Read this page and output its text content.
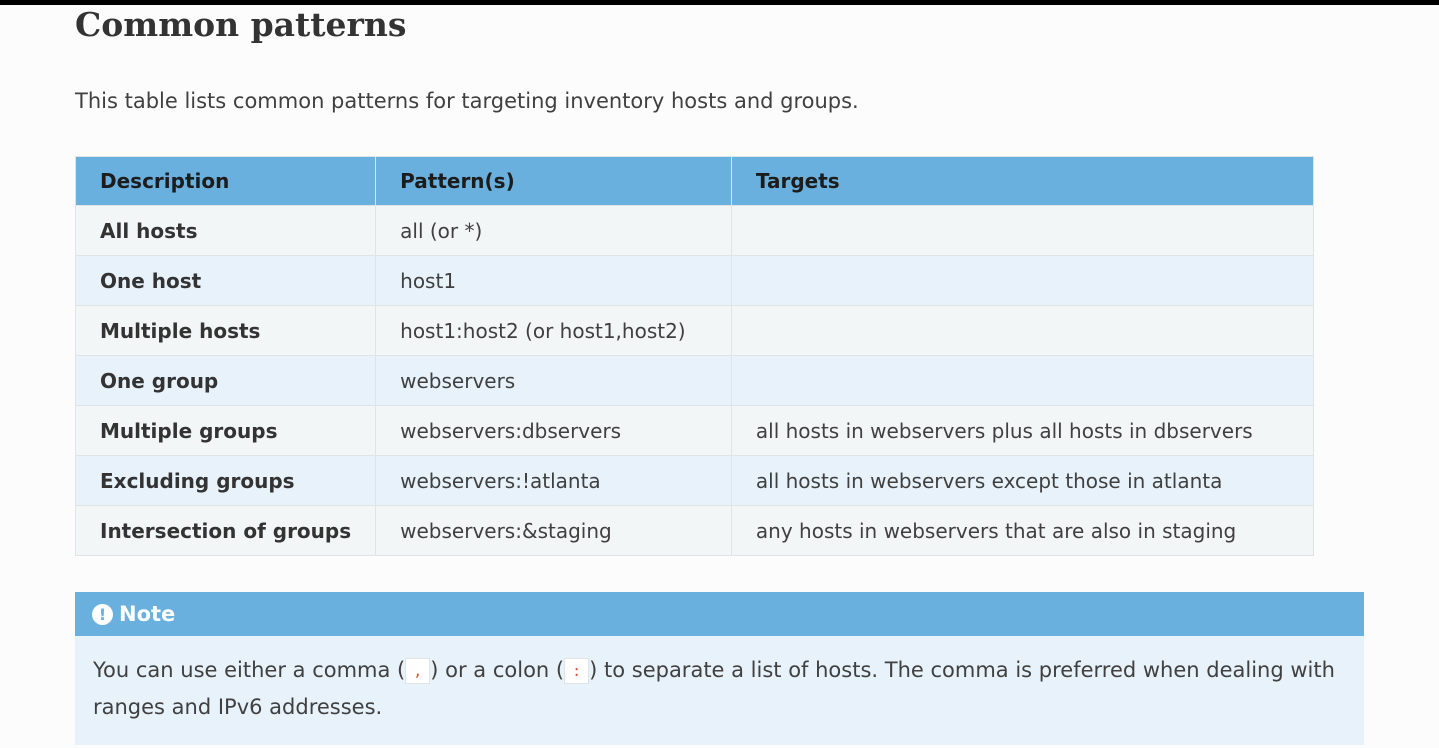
Common patterns

This table lists common patterns for targeting inventory hosts and groups.

Description	Pattern(s)	Targets
All hosts	all (or *)	
One host	host1	
Multiple hosts	host1:host2 (or host1,host2)	
One group	webservers	
Multiple groups	webservers:dbservers	all hosts in webservers plus all hosts in dbservers
Excluding groups	webservers:!atlanta	all hosts in webservers except those in atlanta
Intersection of groups	webservers:&staging	any hosts in webservers that are also in staging
! Note

You can use either a comma ( , ) or a colon ( : ) to separate a list of hosts. The comma is preferred when dealing with ranges and IPv6 addresses.
